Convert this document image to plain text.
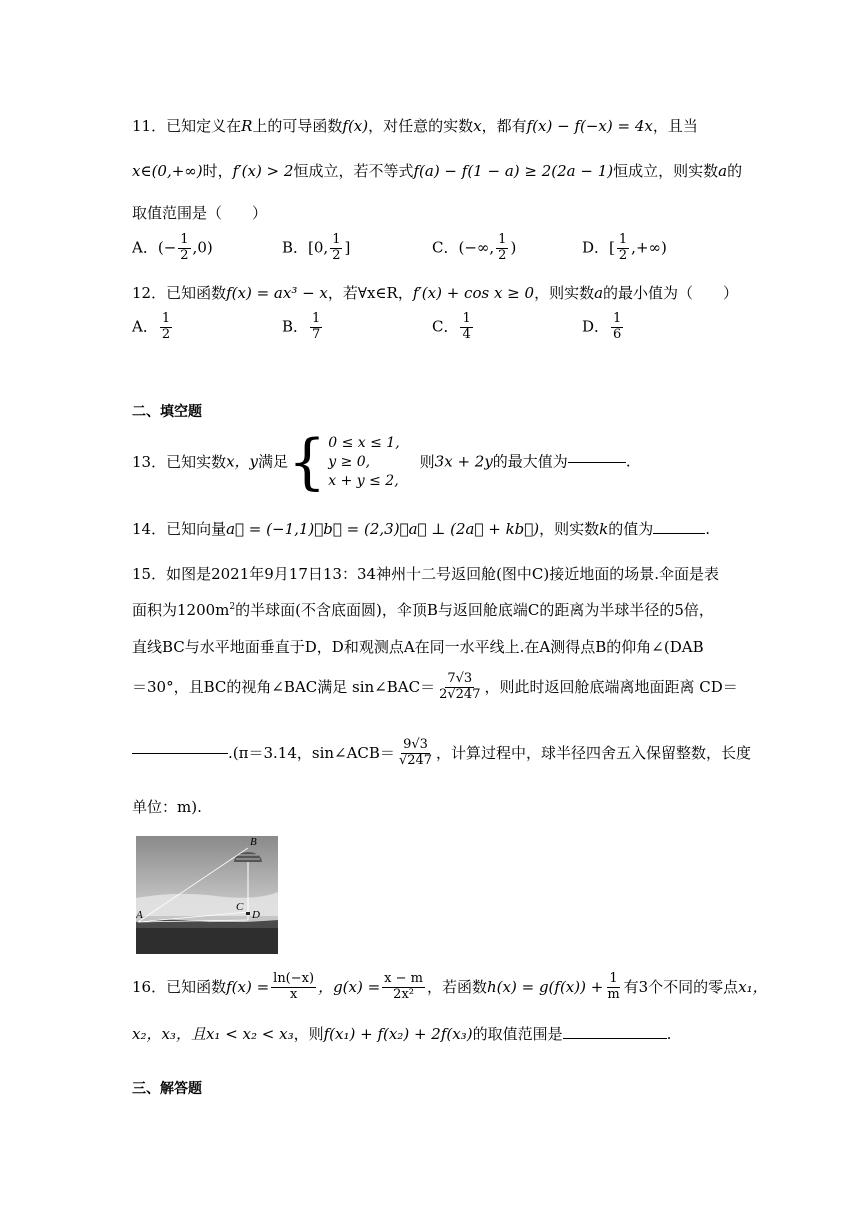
11．已知定义在R上的可导函数f(x)，对任意的实数x，都有f(x) − f(−x) = 4x，且当
x∈(0,+∞)时，f′(x) > 2恒成立，若不等式f(a) − f(1 − a) ≥ 2(2a − 1)恒成立，则实数a的
取值范围是（　　）
A．(− $\frac{1}{2} ,0$)	B．[0, $\frac{1}{2}$ ]	C．(−∞, $\frac{1}{2}$ )	D．[ $\frac{1}{2}$ ,+∞)
12．已知函数f(x) = ax³ − x，若∀x∈R，f′(x) + cos x ≥ 0，则实数a的最小值为（　　）
A． $\frac{1}{2}$	B． $\frac{1}{7}$	C． $\frac{1}{4}$	D． $\frac{1}{6}$
二、填空题
13．已知实数x，y满足 { 0 ≤ x ≤ 1,
y ≥ 0,
x + y ≤ 2,
则3x + 2y的最大值为	.
14．已知向量a⃗ = (−1,1)，b⃗ = (2,3)，a⃗ ⊥ (2a⃗ + kb⃗)，则实数k的值为	.
15．如图是2021年9月17日13：34神州十二号返回舱(图中C)接近地面的场景.伞面是表
面积为$1200m^2$的半球面(不含底面圆)，伞顶B与返回舱底端C的距离为半球半径的5倍，
直线BC与水平地面垂直于D，D和观测点A在同一水平线上.在A测得点B的仰角∠(DAB
＝30°，且BC的视角∠BAC满足 sin∠BAC＝ $\frac{7√3}{2√247}$ ，则此时返回舱底端离地面距离 CD＝
.(π＝3.14，sin∠ACB＝ $\frac{9√3}{√247}$ ，计算过程中，球半径四舍五入保留整数，长度
单位：m).
B
A
C
D
16．已知函数$f(x) = \frac{\ln(-x)}{x}$ ，$g(x) = \frac{x - m}{\text{2x²}}$ ，若函数$h(x) = g(f(x)) + \frac{1}{m}$ 有3个不同的零点x₁，
x₂，x₃，且x₁ < x₂ < x₃，则f(x₁) + f(x₂) + 2f(x₃)的取值范围是	.
三、解答题
